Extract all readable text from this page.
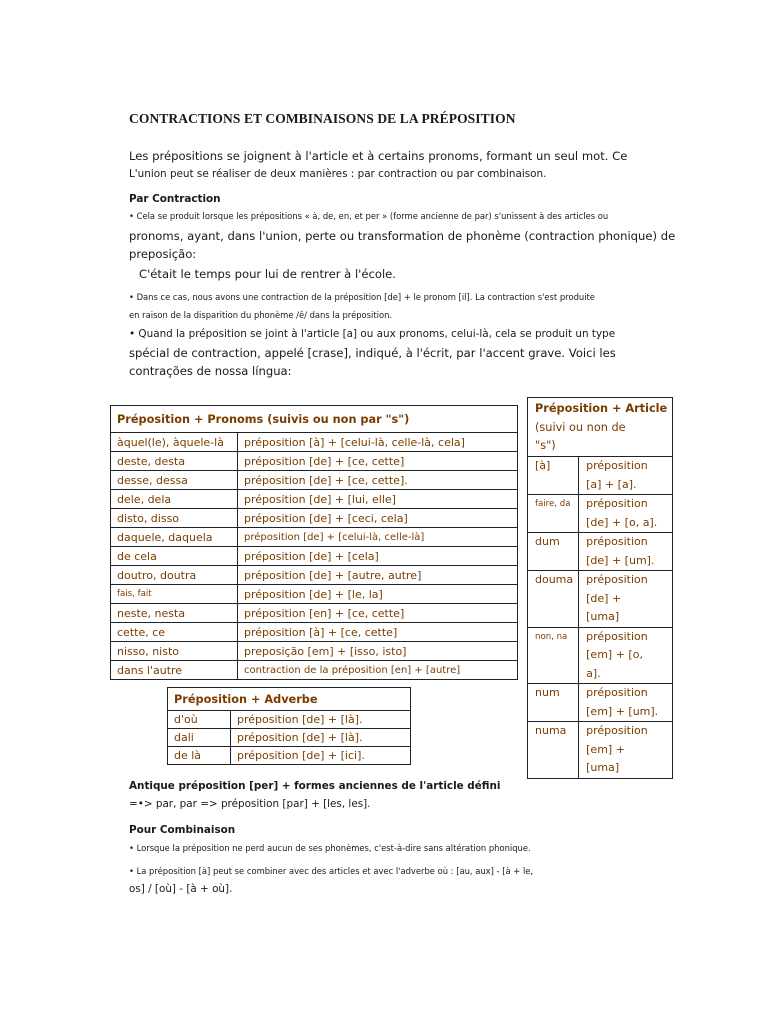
CONTRACTIONS ET COMBINAISONS DE LA PRÉPOSITION
Les prépositions se joignent à l'article et à certains pronoms, formant un seul mot. Ce
L'union peut se réaliser de deux manières : par contraction ou par combinaison.
Par Contraction
• Cela se produit lorsque les prépositions « à, de, en, et per » (forme ancienne de par) s'unissent à des articles ou
pronoms, ayant, dans l'union, perte ou transformation de phonème (contraction phonique) de
preposição:
C'était le temps pour lui de rentrer à l'école.
• Dans ce cas, nous avons une contraction de la préposition [de] + le pronom [il]. La contraction s'est produite
en raison de la disparition du phonème /ê/ dans la préposition.
• Quand la préposition se joint à l'article [a] ou aux pronoms, celui-là, cela se produit un type
spécial de contraction, appelé [crase], indiqué, à l'écrit, par l'accent grave. Voici les
contrações de nossa língua:
Préposition + Pronoms (suivis ou non par "s")	
àquel(le), àquele-là	préposition [à] + [celui-là, celle-là, cela]
deste, desta	préposition [de] + [ce, cette]
desse, dessa	préposition [de] + [ce, cette].
dele, dela	préposition [de] + [lui, elle]
disto, disso	préposition [de] + [ceci, cela]
daquele, daquela	préposition [de] + [celui-là, celle-là]
de cela	préposition [de] + [cela]
doutro, doutra	préposition [de] + [autre, autre]
fais, fait	préposition [de] + [le, la]
neste, nesta	préposition [en] + [ce, cette]
cette, ce	préposition [à] + [ce, cette]
nisso, nisto	preposição [em] + [isso, isto]
dans l'autre	contraction de la préposition [en] + [autre]
Préposition + Adverbe	
d'où	préposition [de] + [là].
dali	préposition [de] + [là].
de là	préposition [de] + [ici].
Préposition + Article
(suivi ou non de
"s")	

[à]	préposition
[a] + [a].

faire, da	préposition
[de] + [o, a].

dum	préposition
[de] + [um].

douma	préposition
[de] +
[uma]

non, na	préposition
[em] + [o,
a].

num	préposition
[em] + [um].

numa	préposition
[em] +
[uma]
Antique préposition [per] + formes anciennes de l'article défini
=•> par, par => préposition [par] + [les, les].
Pour Combinaison
• Lorsque la préposition ne perd aucun de ses phonèmes, c'est-à-dire sans altération phonique.
• La préposition [à] peut se combiner avec des articles et avec l'adverbe où : [au, aux] - [à + le,
os] / [où] - [à + où].
